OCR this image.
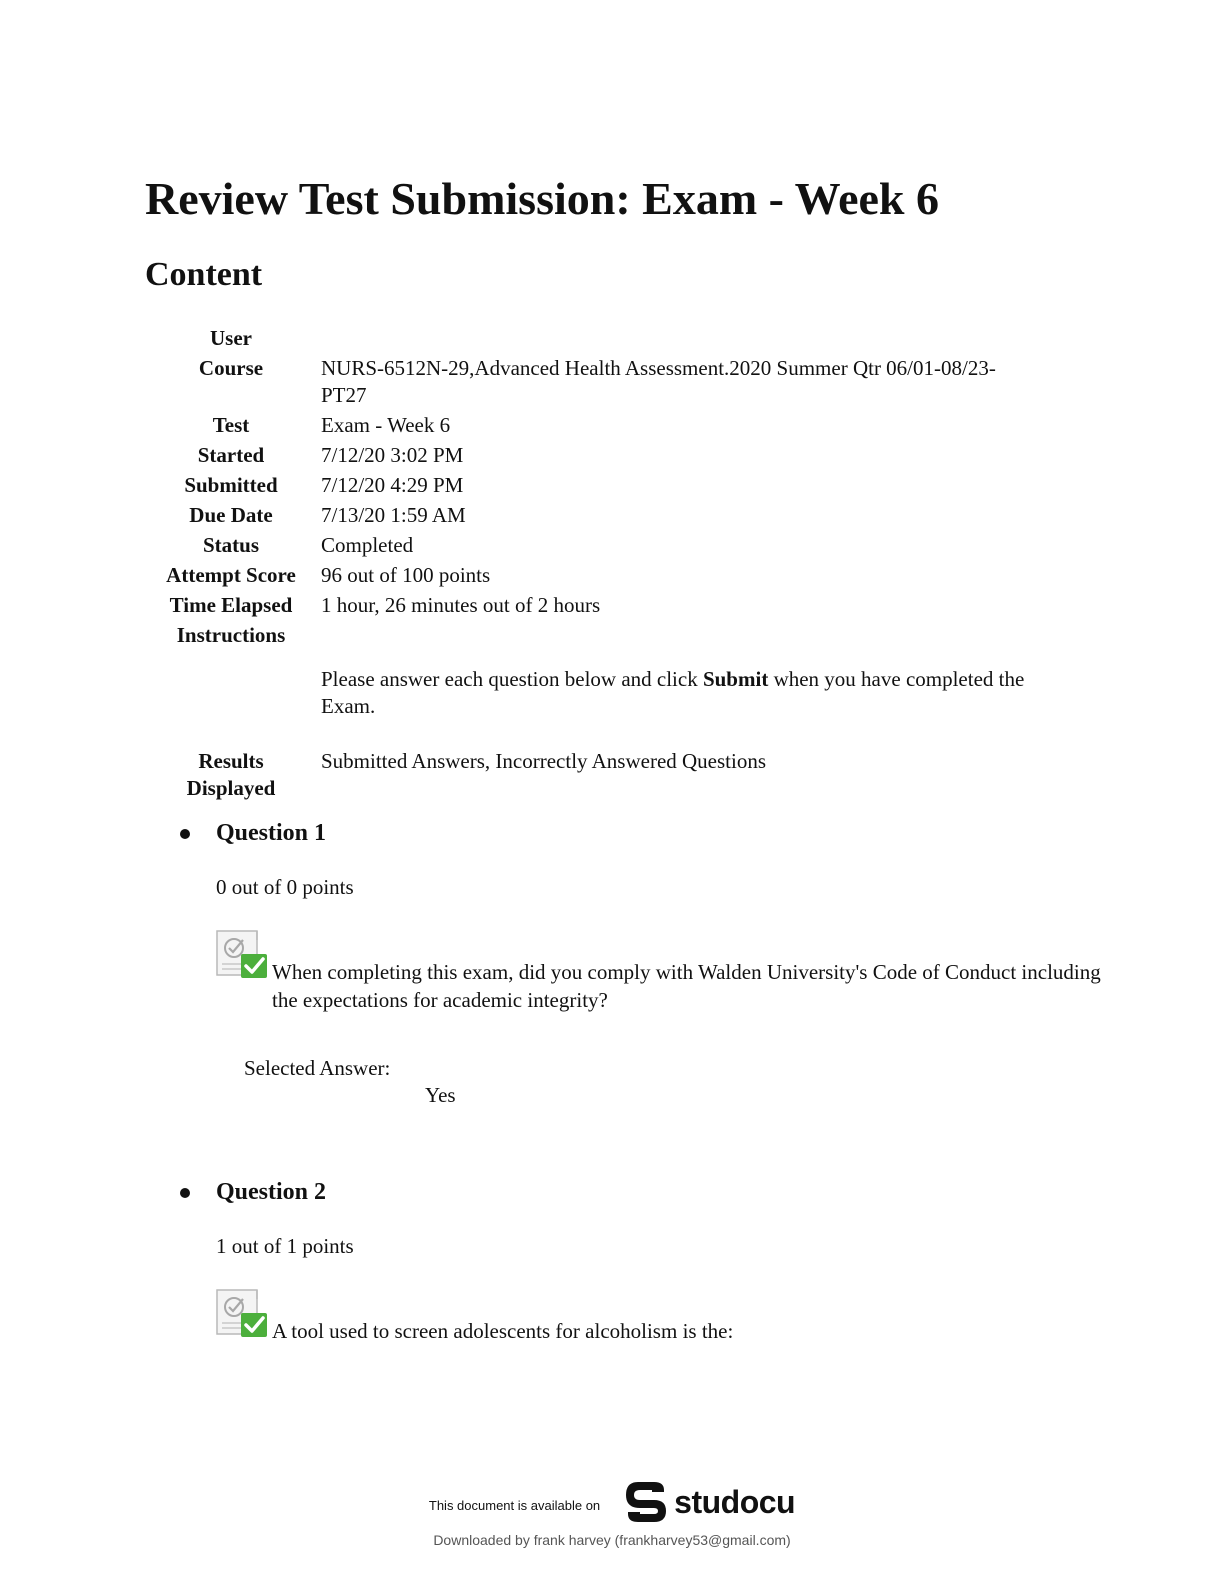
Review Test Submission: Exam - Week 6
Content
User	
Course	NURS-6512N-29,Advanced Health Assessment.2020 Summer Qtr 06/01-08/23-PT27
Test	Exam - Week 6
Started	7/12/20 3:02 PM
Submitted	7/12/20 4:29 PM
Due Date	7/13/20 1:59 AM
Status	Completed
Attempt Score	96 out of 100 points
Time Elapsed	1 hour, 26 minutes out of 2 hours
Instructions	
	Please answer each question below and click Submit when you have completed the Exam.
Results
Displayed	Submitted Answers, Incorrectly Answered Questions
Question 1
0 out of 0 points
When completing this exam, did you comply with Walden University's Code of Conduct including the expectations for academic integrity?
Selected Answer:
Yes
Question 2
1 out of 1 points
A tool used to screen adolescents for alcoholism is the:
This document is available on studocu
Downloaded by frank harvey (frankharvey53@gmail.com)
